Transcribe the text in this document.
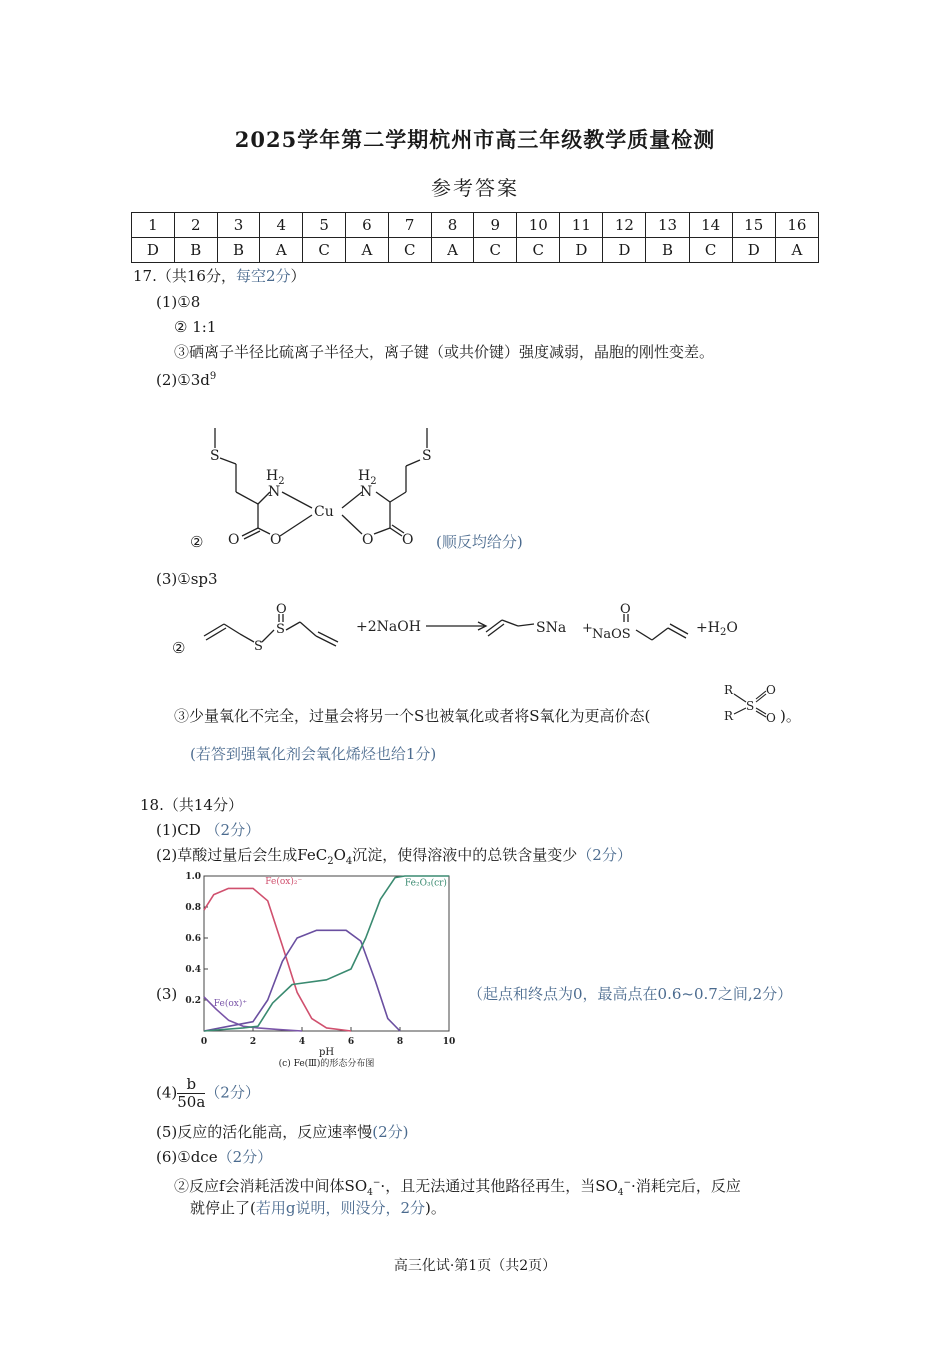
2025学年第二学期杭州市高三年级教学质量检测
参考答案
1	2	3	4	5	6	7	8	9	10	11	12	13	14	15	16
D	B	B	A	C	A	C	A	C	C	D	D	B	C	D	A
17.（共16分，每空2分）
(1)①8
② 1:1
③硒离子半径比硫离子半径大，离子键（或共价键）强度减弱，晶胞的刚性变差。
$(2)①3d^9$
S
$H_2$
N
Cu
O O
$H_2$
N
O O
S
②	(顺反均给分)
(3)①sp3
②
O
S
S
+2NaOH	SNa + NaOS
O
$+H_2O$
③少量氧化不完全，过量会将另一个S也被氧化或者将S氧化为更高价态(
R
R
S
O
O )。
(若答到强氧化剂会氧化烯烃也给1分)
18.（共14分）
(1)CD （2分）
(2)草酸过量后会生成$FeC_2O_4$沉淀，使得溶液中的总铁含量变少（2分）
0	2	4	6	8	10
0.2
0.4
0.6
0.8
1.0
pH
(c) Fe(Ⅲ)的形态分布图
Fe(ox)₂⁻
Fe(ox)⁺
Fe₂O₃(cr)
(3)	（起点和终点为0，最高点在0.6~0.7之间,2分）
$(4) \frac{b}{50a} (2$分）
(5)反应的活化能高，反应速率慢(2分)
(6)①dce（2分）
②反应f会消耗活泼中间体$SO_4^-\cdot$，且无法通过其他路径再生，当$SO_4^-\cdot$消耗完后，反应
就停止了(若用g说明，则没分，2分)。
高三化试·第1页（共2页）
